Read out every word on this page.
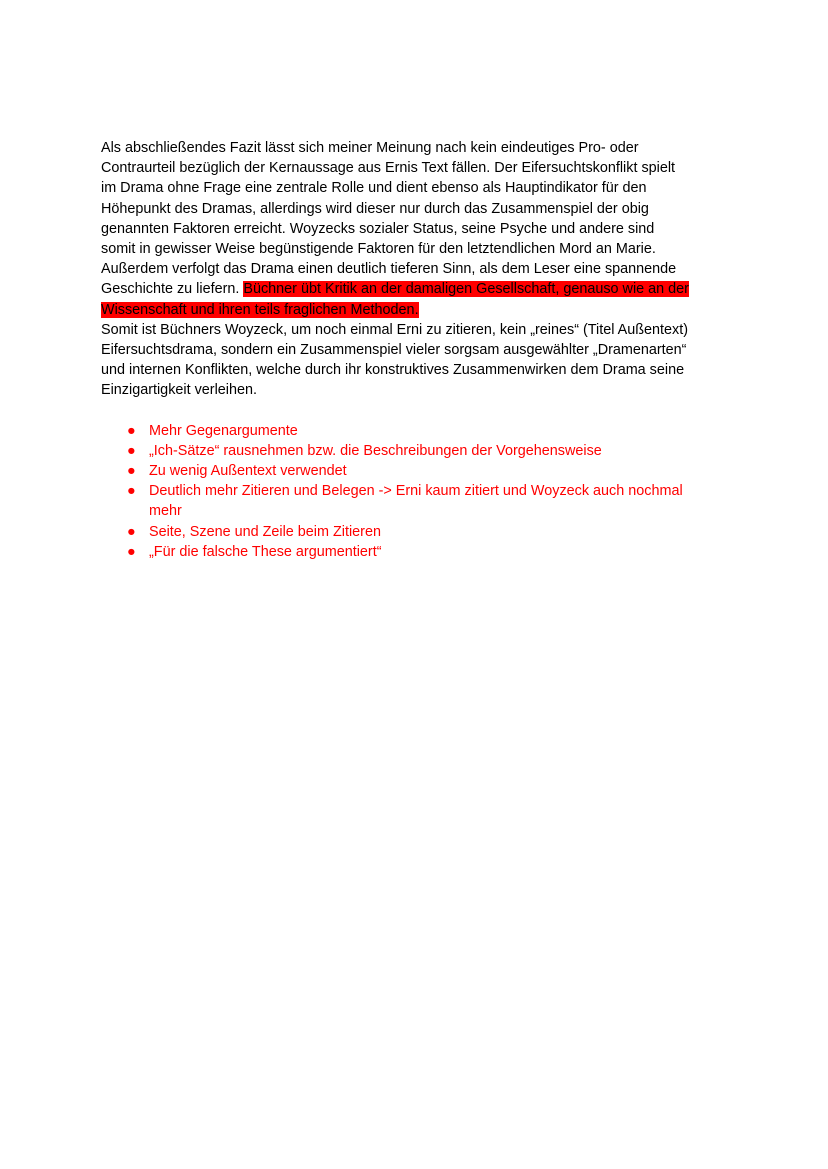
Als abschließendes Fazit lässt sich meiner Meinung nach kein eindeutiges Pro- oder
Contraurteil bezüglich der Kernaussage aus Ernis Text fällen. Der Eifersuchtskonflikt spielt
im Drama ohne Frage eine zentrale Rolle und dient ebenso als Hauptindikator für den
Höhepunkt des Dramas, allerdings wird dieser nur durch das Zusammenspiel der obig
genannten Faktoren erreicht. Woyzecks sozialer Status, seine Psyche und andere sind
somit in gewisser Weise begünstigende Faktoren für den letztendlichen Mord an Marie.
Außerdem verfolgt das Drama einen deutlich tieferen Sinn, als dem Leser eine spannende
Geschichte zu liefern. Büchner übt Kritik an der damaligen Gesellschaft, genauso wie an der
Wissenschaft und ihren teils fraglichen Methoden.
Somit ist Büchners Woyzeck, um noch einmal Erni zu zitieren, kein „reines“ (Titel Außentext)
Eifersuchtsdrama, sondern ein Zusammenspiel vieler sorgsam ausgewählter „Dramenarten“
und internen Konflikten, welche durch ihr konstruktives Zusammenwirken dem Drama seine
Einzigartigkeit verleihen.
● Mehr Gegenargumente
● „Ich-Sätze“ rausnehmen bzw. die Beschreibungen der Vorgehensweise
● Zu wenig Außentext verwendet
● Deutlich mehr Zitieren und Belegen -> Erni kaum zitiert und Woyzeck auch nochmal
mehr
● Seite, Szene und Zeile beim Zitieren
● „Für die falsche These argumentiert“
